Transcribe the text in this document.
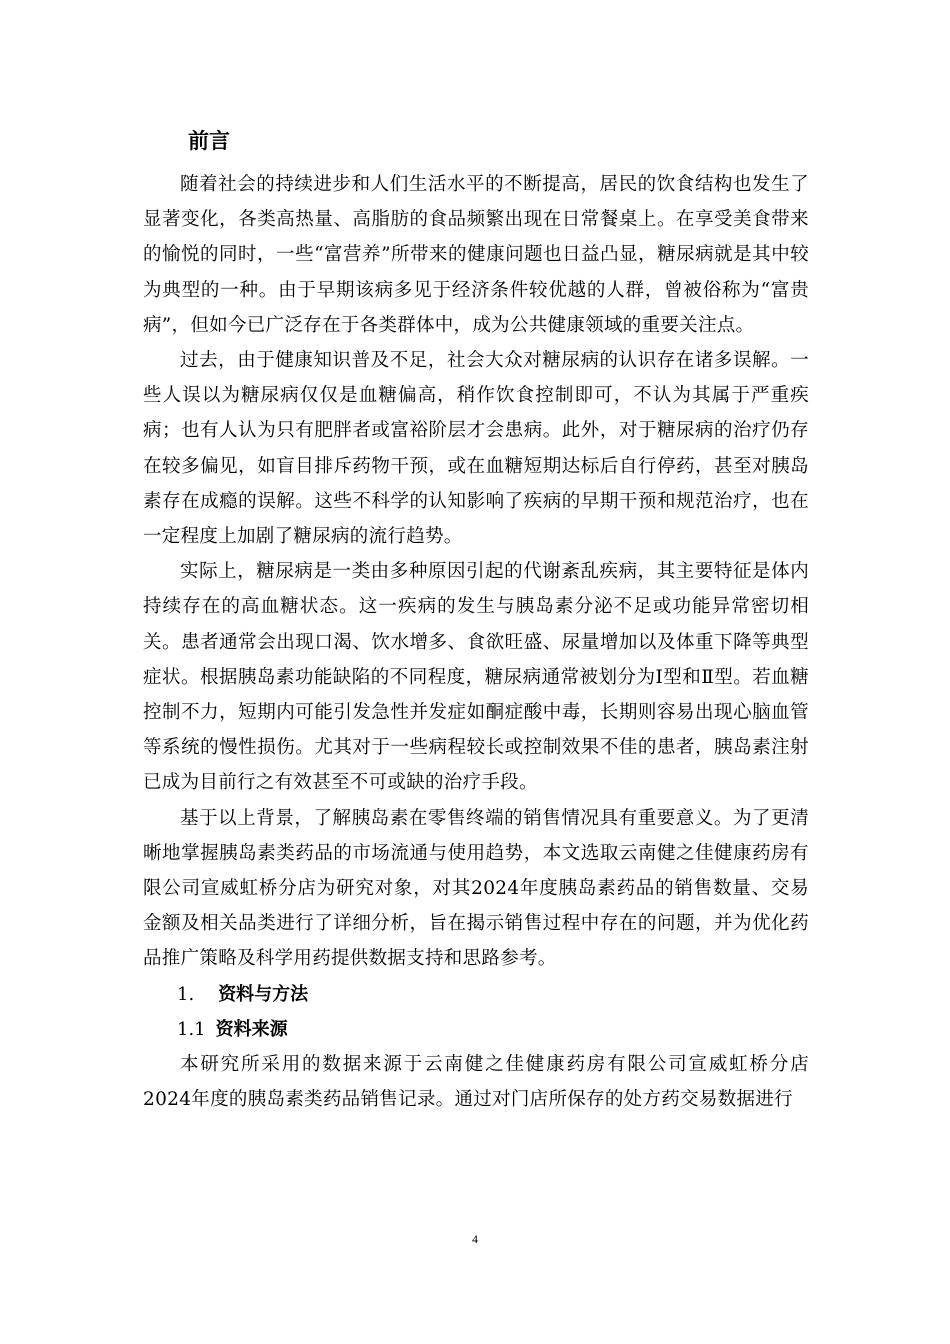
前言

随着社会的持续进步和人们生活水平的不断提高，居民的饮食结构也发生了显著变化，各类高热量、高脂肪的食品频繁出现在日常餐桌上。在享受美食带来的愉悦的同时，一些“富营养”所带来的健康问题也日益凸显，糖尿病就是其中较为典型的一种。由于早期该病多见于经济条件较优越的人群，曾被俗称为“富贵病”，但如今已广泛存在于各类群体中，成为公共健康领域的重要关注点。

过去，由于健康知识普及不足，社会大众对糖尿病的认识存在诸多误解。一些人误以为糖尿病仅仅是血糖偏高，稍作饮食控制即可，不认为其属于严重疾病；也有人认为只有肥胖者或富裕阶层才会患病。此外，对于糖尿病的治疗仍存在较多偏见，如盲目排斥药物干预，或在血糖短期达标后自行停药，甚至对胰岛素存在成瘾的误解。这些不科学的认知影响了疾病的早期干预和规范治疗，也在一定程度上加剧了糖尿病的流行趋势。

实际上，糖尿病是一类由多种原因引起的代谢紊乱疾病，其主要特征是体内持续存在的高血糖状态。这一疾病的发生与胰岛素分泌不足或功能异常密切相关。患者通常会出现口渴、饮水增多、食欲旺盛、尿量增加以及体重下降等典型症状。根据胰岛素功能缺陷的不同程度，糖尿病通常被划分为Ⅰ型和Ⅱ型。若血糖控制不力，短期内可能引发急性并发症如酮症酸中毒，长期则容易出现心脑血管等系统的慢性损伤。尤其对于一些病程较长或控制效果不佳的患者，胰岛素注射已成为目前行之有效甚至不可或缺的治疗手段。

基于以上背景，了解胰岛素在零售终端的销售情况具有重要意义。为了更清晰地掌握胰岛素类药品的市场流通与使用趋势，本文选取云南健之佳健康药房有限公司宣威虹桥分店为研究对象，对其2024年度胰岛素药品的销售数量、交易金额及相关品类进行了详细分析，旨在揭示销售过程中存在的问题，并为优化药品推广策略及科学用药提供数据支持和思路参考。

1. 资料与方法

1.1 资料来源

本研究所采用的数据来源于云南健之佳健康药房有限公司宣威虹桥分店2024年度的胰岛素类药品销售记录。通过对门店所保存的处方药交易数据进行

4
